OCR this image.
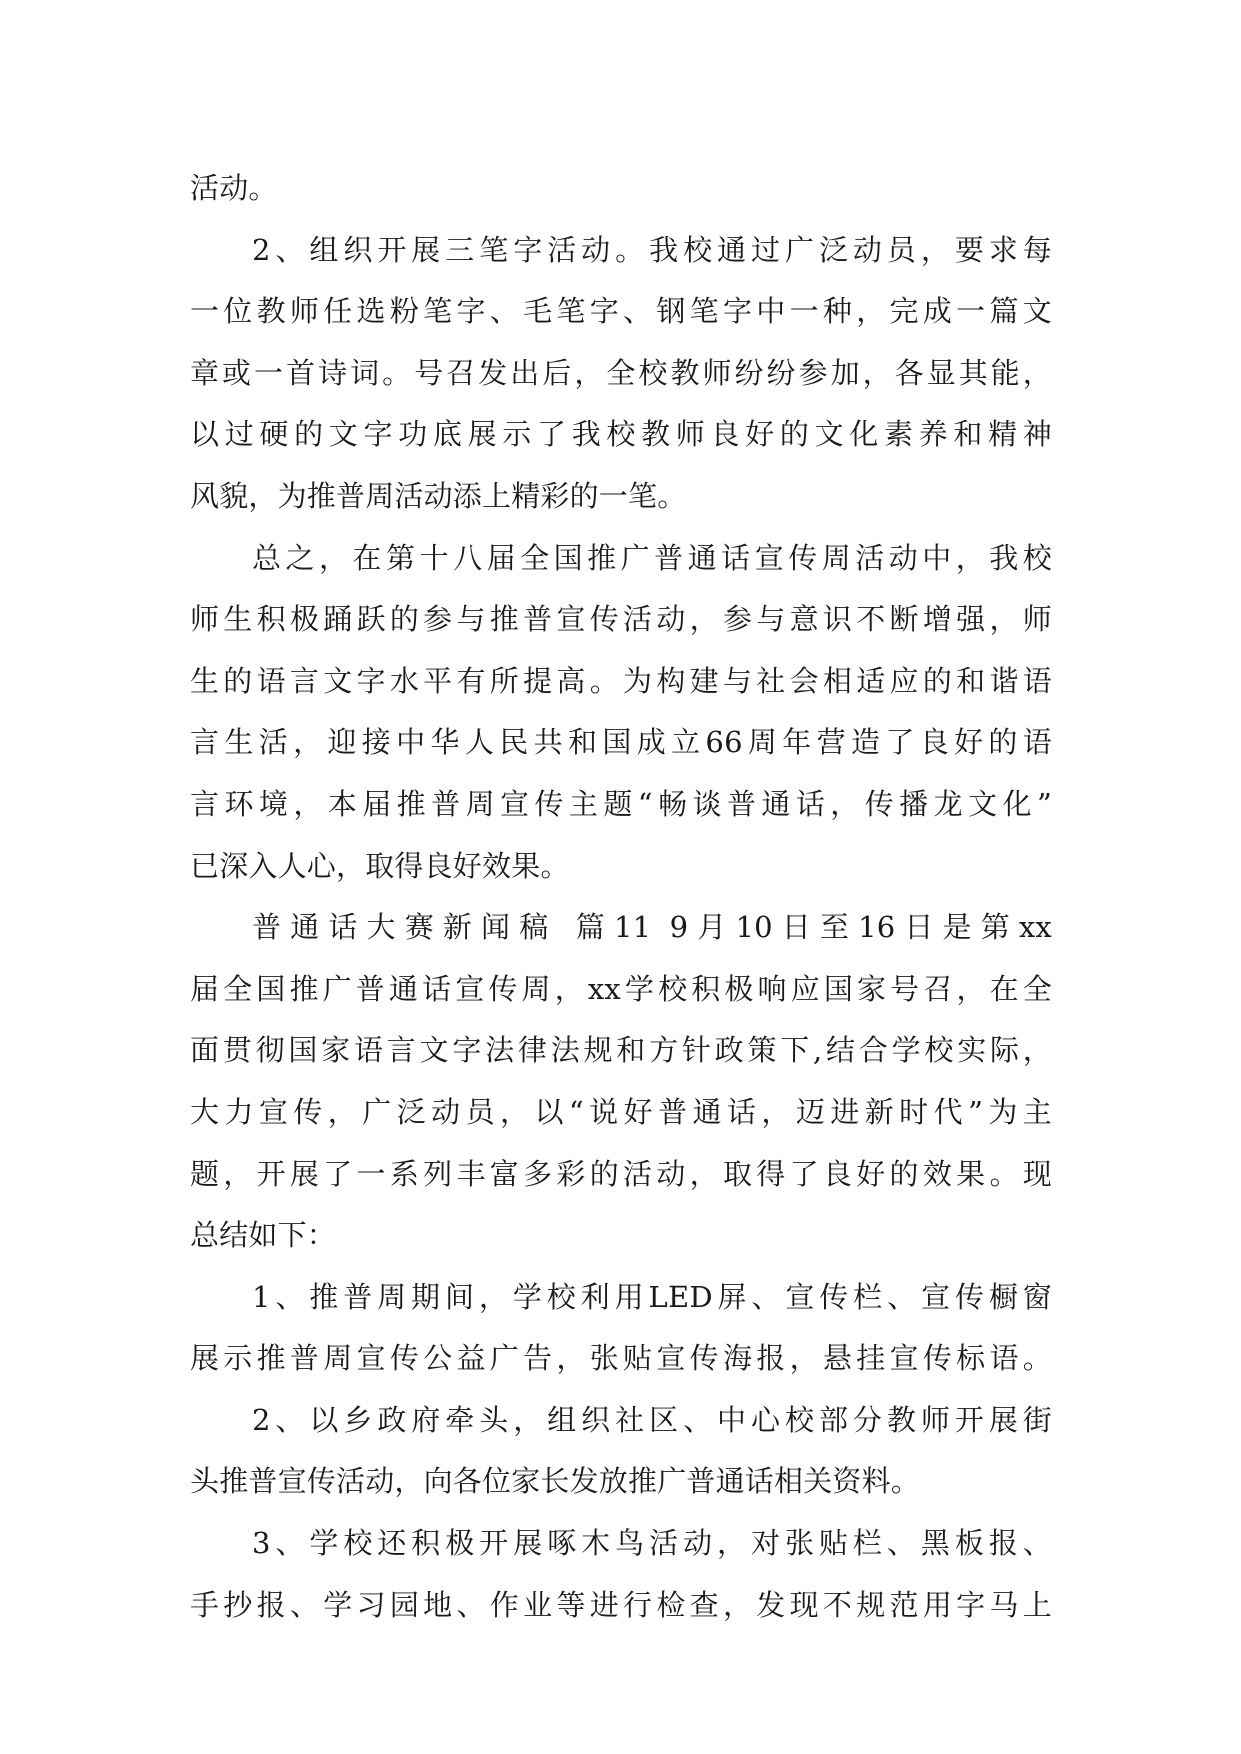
活动。
2、组织开展三笔字活动。我校通过广泛动员，要求每
一位教师任选粉笔字、毛笔字、钢笔字中一种，完成一篇文
章或一首诗词。号召发出后，全校教师纷纷参加，各显其能，
以过硬的文字功底展示了我校教师良好的文化素养和精神
风貌，为推普周活动添上精彩的一笔。
总之，在第十八届全国推广普通话宣传周活动中，我校
师生积极踊跃的参与推普宣传活动，参与意识不断增强，师
生的语言文字水平有所提高。为构建与社会相适应的和谐语
言生活，迎接中华人民共和国成立66周年营造了良好的语
言环境，本届推普周宣传主题“畅谈普通话，传播龙文化”
已深入人心，取得良好效果。
普通话大赛新闻稿 篇11 9月10日至16日是第xx
届全国推广普通话宣传周，xx学校积极响应国家号召，在全
面贯彻国家语言文字法律法规和方针政策下,结合学校实际，
大力宣传，广泛动员，以“说好普通话，迈进新时代”为主
题，开展了一系列丰富多彩的活动，取得了良好的效果。现
总结如下：
1、推普周期间，学校利用LED屏、宣传栏、宣传橱窗
展示推普周宣传公益广告，张贴宣传海报，悬挂宣传标语。
2、以乡政府牵头，组织社区、中心校部分教师开展街
头推普宣传活动，向各位家长发放推广普通话相关资料。
3、学校还积极开展啄木鸟活动，对张贴栏、黑板报、
手抄报、学习园地、作业等进行检查，发现不规范用字马上
